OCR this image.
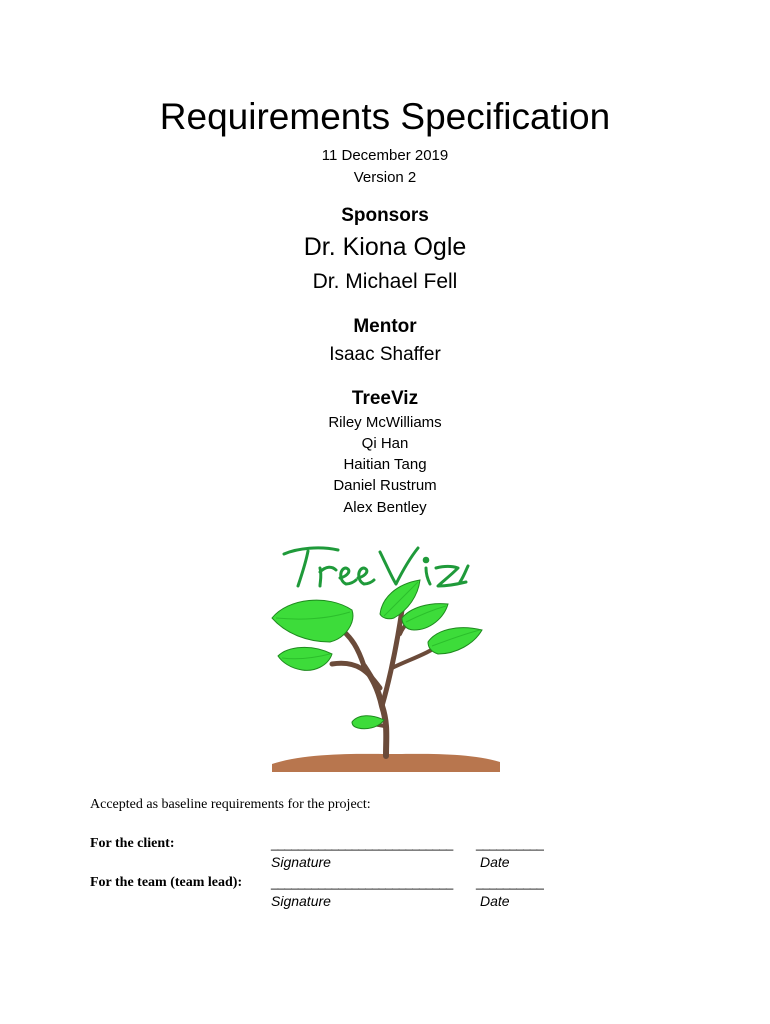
Requirements Specification
11 December 2019
Version 2
Sponsors
Dr. Kiona Ogle
Dr. Michael Fell
Mentor
Isaac Shaffer
TreeViz
Riley McWilliams
Qi Han
Haitian Tang
Daniel Rustrum
Alex Bentley
Accepted as baseline requirements for the project:
For the client:	___________________________ __________
Signature	Date
For the team (team lead): ___________________________ __________
Signature	Date
